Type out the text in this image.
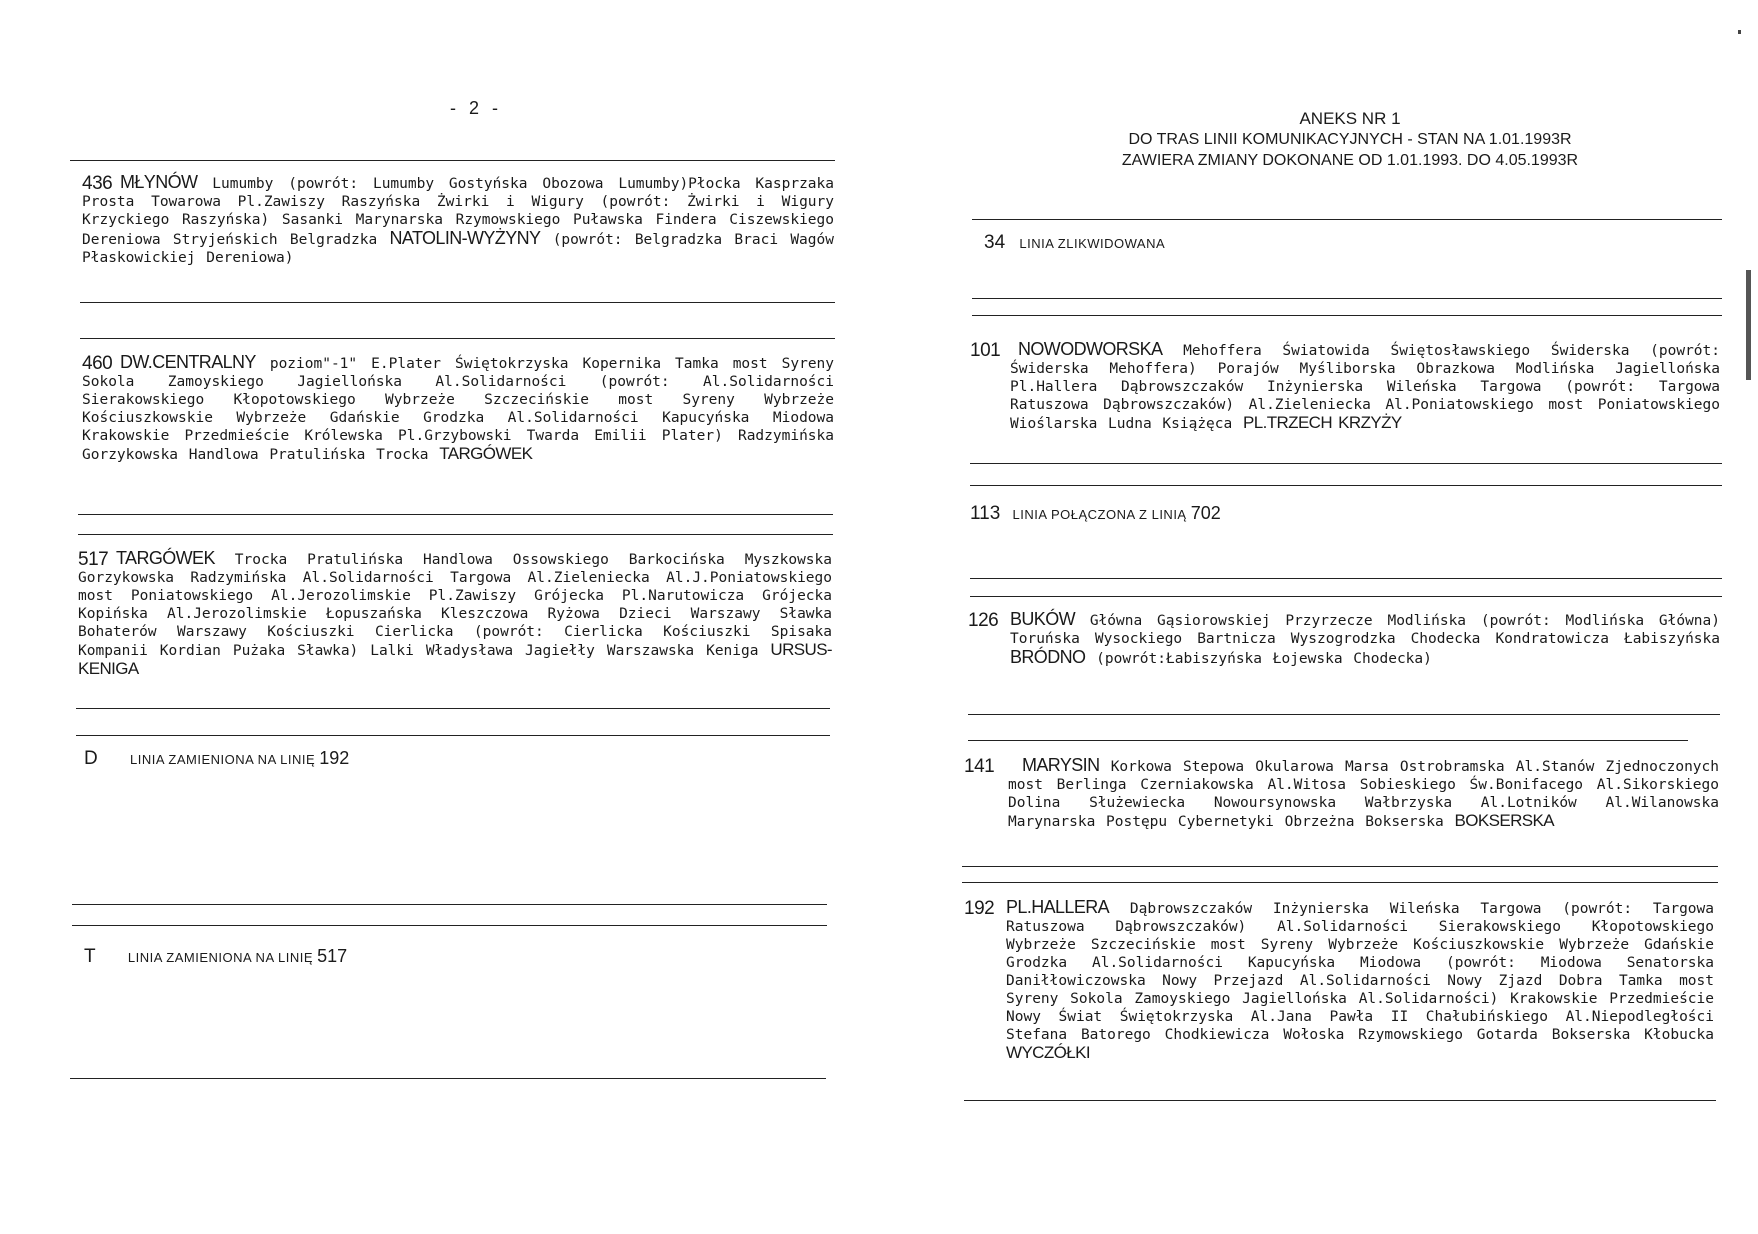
- 2 -
ANEKS NR 1
DO TRAS LINII KOMUNIKACYJNYCH - STAN NA 1.01.1993R
ZAWIERA ZMIANY DOKONANE OD 1.01.1993. DO 4.05.1993R
436 MŁYNÓW Lumumby (powrót: Lumumby Gostyńska Obozowa Lumumby)Płocka Kasprzaka Prosta Towarowa Pl.Zawiszy Raszyńska Żwirki i Wigury (powrót: Żwirki i Wigury Krzyckiego Raszyńska) Sasanki Marynarska Rzymowskiego Puławska Findera Ciszewskiego Dereniowa Stryjeńskich Belgradzka NATOLIN-WYŻYNY (powrót: Belgradzka Braci Wagów Płaskowickiej Dereniowa)
460 DW.CENTRALNY poziom"-1" E.Plater Świętokrzyska Kopernika Tamka most Syreny Sokola Zamoyskiego Jagiellońska Al.Solidarności (powrót: Al.Solidarności Sierakowskiego Kłopotowskiego Wybrzeże Szczecińskie most Syreny Wybrzeże Kościuszkowskie Wybrzeże Gdańskie Grodzka Al.Solidarności Kapucyńska Miodowa Krakowskie Przedmieście Królewska Pl.Grzybowski Twarda Emilii Plater) Radzymińska Gorzykowska Handlowa Pratulińska Trocka TARGÓWEK
517 TARGÓWEK Trocka Pratulińska Handlowa Ossowskiego Barkocińska Myszkowska Gorzykowska Radzymińska Al.Solidarności Targowa Al.Zieleniecka Al.J.Poniatowskiego most Poniatowskiego Al.Jerozolimskie Pl.Zawiszy Grójecka Pl.Narutowicza Grójecka Kopińska Al.Jerozolimskie Łopuszańska Kleszczowa Ryżowa Dzieci Warszawy Sławka Bohaterów Warszawy Kościuszki Cierlicka (powrót: Cierlicka Kościuszki Spisaka Kompanii Kordian Pużaka Sławka) Lalki Władysława Jagiełły Warszawska Keniga URSUS-KENIGA
D LINIA ZAMIENIONA NA LINIĘ 192
T LINIA ZAMIENIONA NA LINIĘ 517
34 LINIA ZLIKWIDOWANA
101 NOWODWORSKA Mehoffera Światowida Świętosławskiego Świderska (powrót: Świderska Mehoffera) Porajów Myśliborska Obrazkowa Modlińska Jagiellońska Pl.Hallera Dąbrowszczaków Inżynierska Wileńska Targowa (powrót: Targowa Ratuszowa Dąbrowszczaków) Al.Zieleniecka Al.Poniatowskiego most Poniatowskiego Wioślarska Ludna Książęca PL.TRZECH KRZYŻY
113 LINIA POŁĄCZONA Z LINIĄ 702
126 BUKÓW Główna Gąsiorowskiej Przyrzecze Modlińska (powrót: Modlińska Główna) Toruńska Wysockiego Bartnicza Wyszogrodzka Chodecka Kondratowicza Łabiszyńska BRÓDNO (powrót:Łabiszyńska Łojewska Chodecka)
141	MARYSIN Korkowa Stepowa Okularowa Marsa Ostrobramska Al.Stanów Zjednoczonych most Berlinga Czerniakowska Al.Witosa Sobieskiego Św.Bonifacego Al.Sikorskiego Dolina Służewiecka Nowoursynowska Wałbrzyska Al.Lotników Al.Wilanowska Marynarska Postępu Cybernetyki Obrzeżna Bokserska BOKSERSKA
192 PL.HALLERA Dąbrowszczaków Inżynierska Wileńska Targowa (powrót: Targowa Ratuszowa Dąbrowszczaków) Al.Solidarności Sierakowskiego Kłopotowskiego Wybrzeże Szczecińskie most Syreny Wybrzeże Kościuszkowskie Wybrzeże Gdańskie Grodzka Al.Solidarności Kapucyńska Miodowa (powrót: Miodowa Senatorska Daniłłowiczowska Nowy Przejazd Al.Solidarności Nowy Zjazd Dobra Tamka most Syreny Sokola Zamoyskiego Jagiellońska Al.Solidarności) Krakowskie Przedmieście Nowy Świat Świętokrzyska Al.Jana Pawła II Chałubińskiego Al.Niepodległości Stefana Batorego Chodkiewicza Wołoska Rzymowskiego Gotarda Bokserska Kłobucka WYCZÓŁKI
